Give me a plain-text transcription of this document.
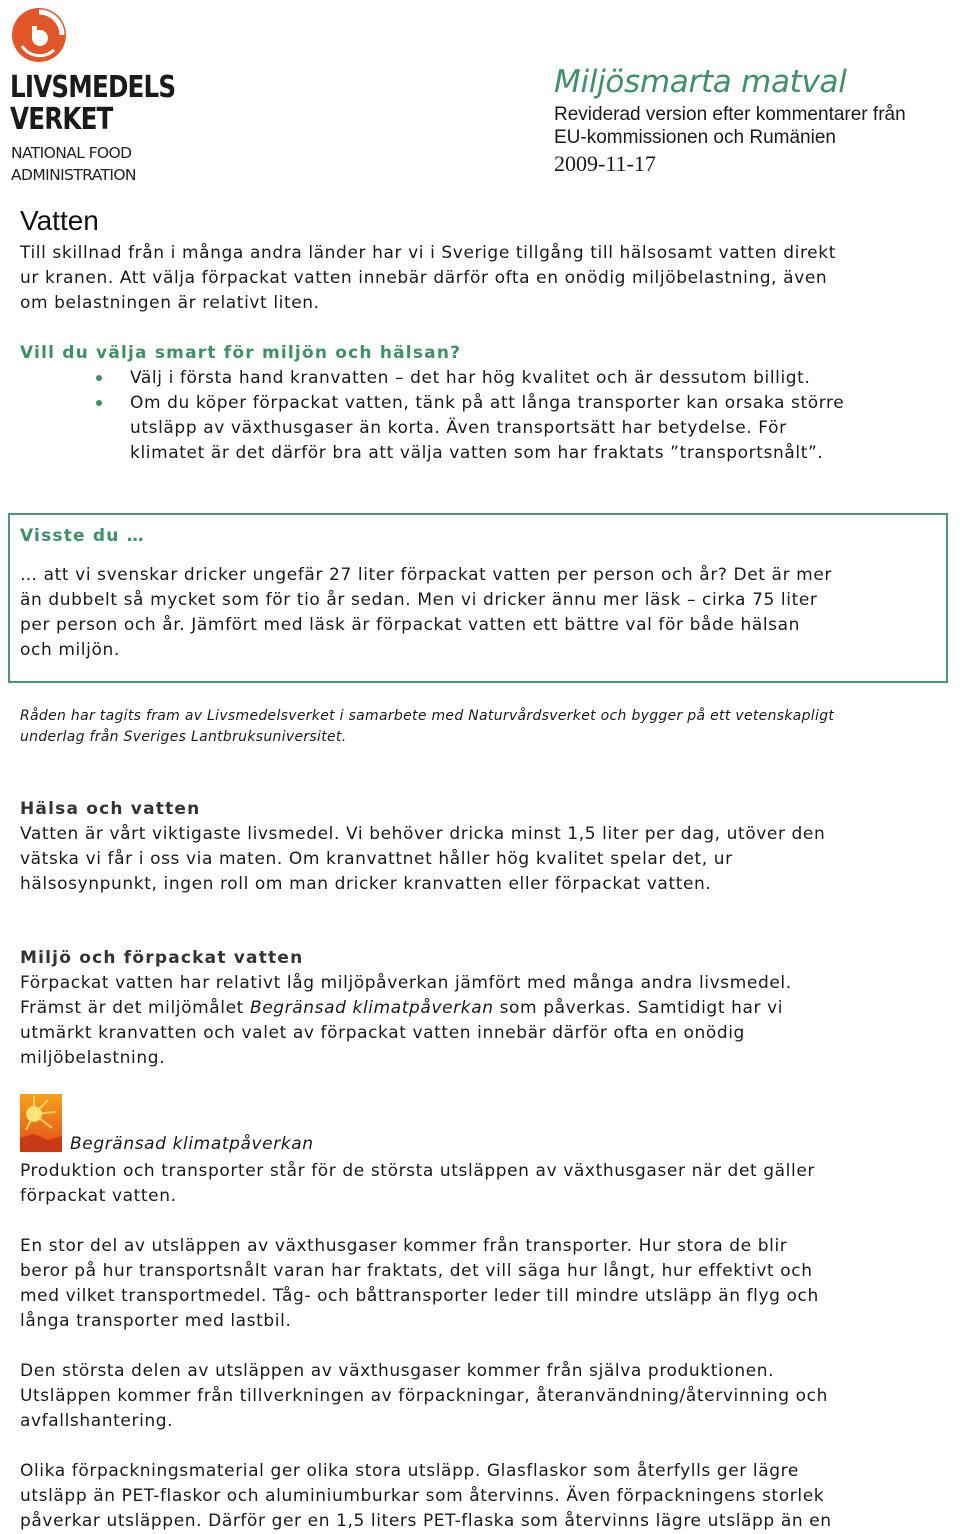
LIVSMEDELS
VERKET
NATIONAL FOOD
ADMINISTRATION
Miljösmarta matval
Reviderad version efter kommentarer från
EU-kommissionen och Rumänien
2009-11-17
Vatten
Till skillnad från i många andra länder har vi i Sverige tillgång till hälsosamt vatten direkt
ur kranen. Att välja förpackat vatten innebär därför ofta en onödig miljöbelastning, även
om belastningen är relativt liten.
Vill du välja smart för miljön och hälsan?
Välj i första hand kranvatten – det har hög kvalitet och är dessutom billigt.
Om du köper förpackat vatten, tänk på att långa transporter kan orsaka större
utsläpp av växthusgaser än korta. Även transportsätt har betydelse. För
klimatet är det därför bra att välja vatten som har fraktats ”transportsnålt”.
Visste du …
… att vi svenskar dricker ungefär 27 liter förpackat vatten per person och år? Det är mer
än dubbelt så mycket som för tio år sedan. Men vi dricker ännu mer läsk – cirka 75 liter
per person och år. Jämfört med läsk är förpackat vatten ett bättre val för både hälsan
och miljön.
Råden har tagits fram av Livsmedelsverket i samarbete med Naturvårdsverket och bygger på ett vetenskapligt
underlag från Sveriges Lantbruksuniversitet.
Hälsa och vatten
Vatten är vårt viktigaste livsmedel. Vi behöver dricka minst 1,5 liter per dag, utöver den
vätska vi får i oss via maten. Om kranvattnet håller hög kvalitet spelar det, ur
hälsosynpunkt, ingen roll om man dricker kranvatten eller förpackat vatten.
Miljö och förpackat vatten
Förpackat vatten har relativt låg miljöpåverkan jämfört med många andra livsmedel.
Främst är det miljömålet Begränsad klimatpåverkan som påverkas. Samtidigt har vi
utmärkt kranvatten och valet av förpackat vatten innebär därför ofta en onödig
miljöbelastning.
Begränsad klimatpåverkan
Produktion och transporter står för de största utsläppen av växthusgaser när det gäller
förpackat vatten.
En stor del av utsläppen av växthusgaser kommer från transporter. Hur stora de blir
beror på hur transportsnålt varan har fraktats, det vill säga hur långt, hur effektivt och
med vilket transportmedel. Tåg- och båttransporter leder till mindre utsläpp än flyg och
långa transporter med lastbil.
Den största delen av utsläppen av växthusgaser kommer från själva produktionen.
Utsläppen kommer från tillverkningen av förpackningar, återanvändning/återvinning och
avfallshantering.
Olika förpackningsmaterial ger olika stora utsläpp. Glasflaskor som återfylls ger lägre
utsläpp än PET-flaskor och aluminiumburkar som återvinns. Även förpackningens storlek
påverkar utsläppen. Därför ger en 1,5 liters PET-flaska som återvinns lägre utsläpp än en
